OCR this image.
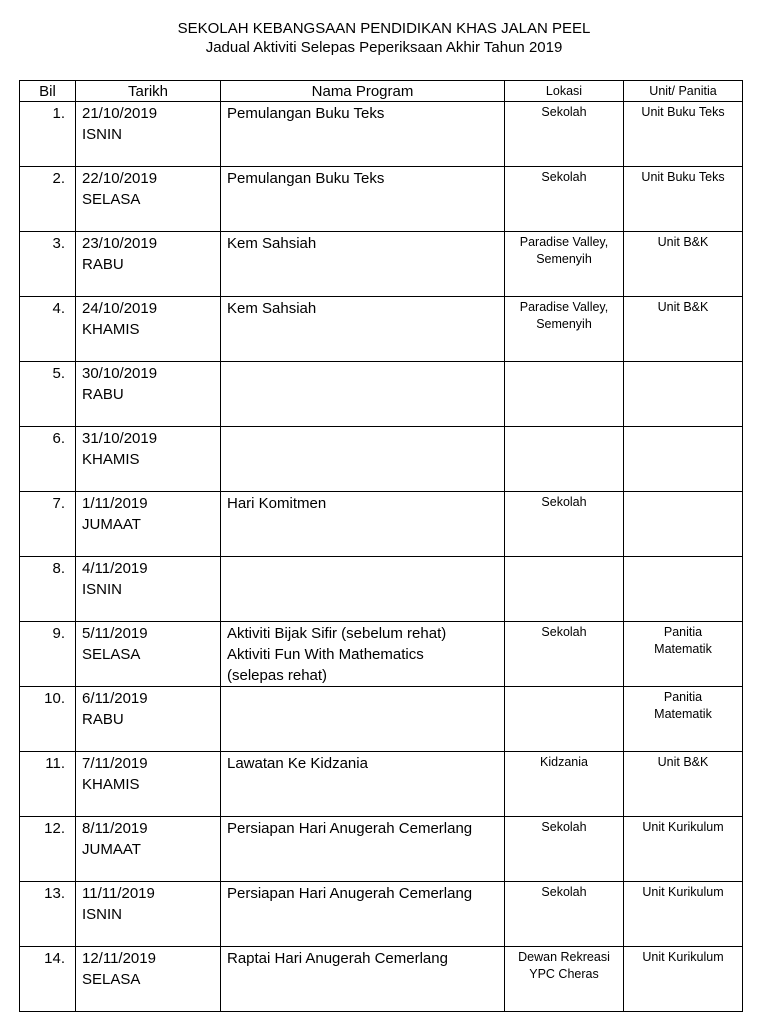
SEKOLAH KEBANGSAAN PENDIDIKAN KHAS JALAN PEEL
Jadual Aktiviti Selepas Peperiksaan Akhir Tahun 2019
Bil	Tarikh	Nama Program	Lokasi	Unit/ Panitia
1.	21/10/2019
ISNIN	Pemulangan Buku Teks	Sekolah	Unit Buku Teks

2.	22/10/2019
SELASA	Pemulangan Buku Teks	Sekolah	Unit Buku Teks

3.	23/10/2019
RABU	Kem Sahsiah	Paradise Valley,
Semenyih	Unit B&K

4.	24/10/2019
KHAMIS	Kem Sahsiah	Paradise Valley,
Semenyih	Unit B&K

5.	30/10/2019
RABU			

6.	31/10/2019
KHAMIS			

7.	1/11/2019
JUMAAT	Hari Komitmen	Sekolah	

8.	4/11/2019
ISNIN			

9.	5/11/2019
SELASA	Aktiviti Bijak Sifir (sebelum rehat)
Aktiviti Fun With Mathematics
(selepas rehat)	Sekolah	Panitia
Matematik

10.	6/11/2019
RABU			Panitia
Matematik

11.	7/11/2019
KHAMIS	Lawatan Ke Kidzania	Kidzania	Unit B&K

12.	8/11/2019
JUMAAT	Persiapan Hari Anugerah Cemerlang	Sekolah	Unit Kurikulum

13.	11/11/2019
ISNIN	Persiapan Hari Anugerah Cemerlang	Sekolah	Unit Kurikulum

14.	12/11/2019
SELASA	Raptai Hari Anugerah Cemerlang	Dewan Rekreasi
YPC Cheras	Unit Kurikulum
